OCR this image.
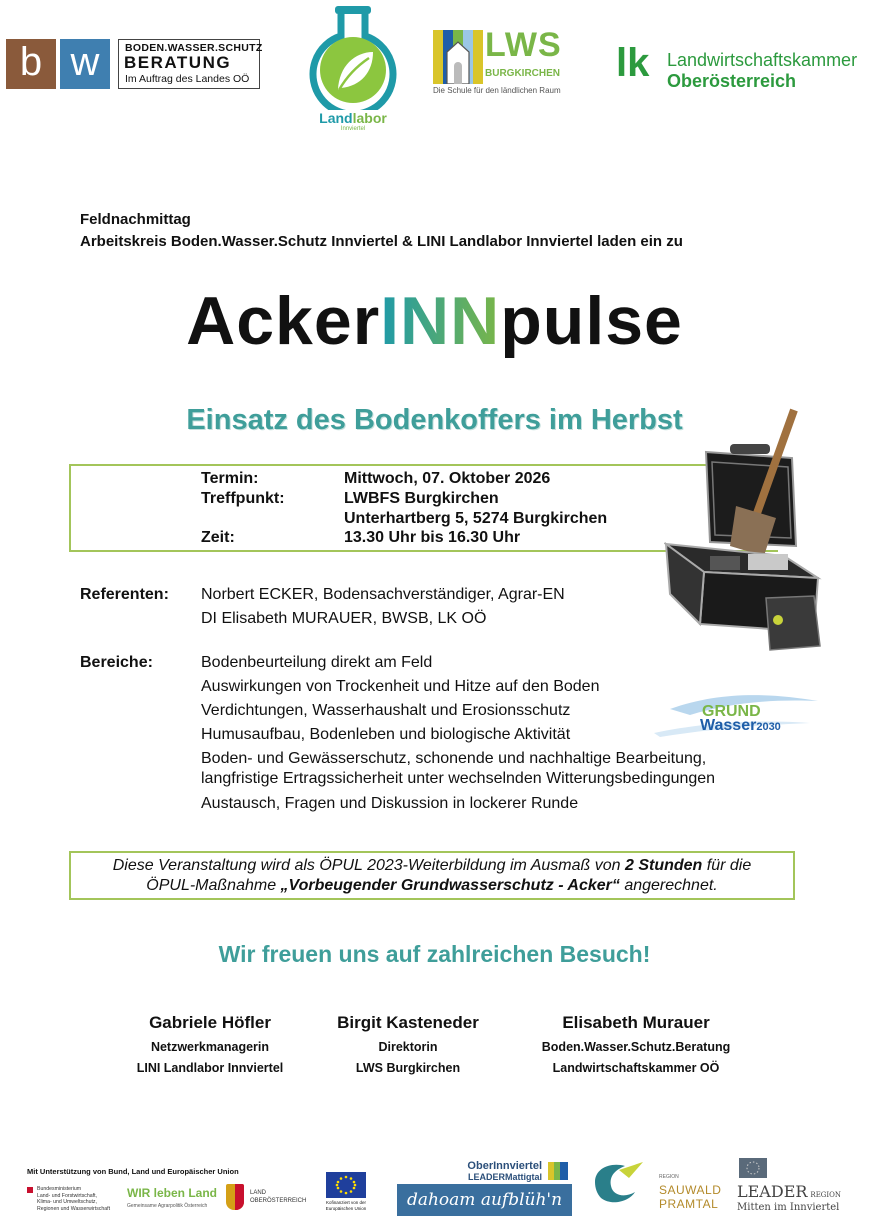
b w	BODEN.WASSER.SCHUTZ
BERATUNG
Im Auftrag des Landes OÖ
Landlabor
Innviertel
LWS
BURGKIRCHEN
Die Schule für den ländlichen Raum
lk Landwirtschaftskammer
Oberösterreich
Feldnachmittag
Arbeitskreis Boden.Wasser.Schutz Innviertel & LINI Landlabor Innviertel laden ein zu
AckerINNpulse
Einsatz des Bodenkoffers im Herbst
Termin:	Mittwoch, 07. Oktober 2026
Treffpunkt:	LWBFS Burgkirchen
Unterhartberg 5, 5274 Burgkirchen
Zeit:	13.30 Uhr bis 16.30 Uhr
Referenten: Norbert ECKER, Bodensachverständiger, Agrar-EN
DI Elisabeth MURAUER, BWSB, LK OÖ
Bereiche:	Bodenbeurteilung direkt am Feld
Auswirkungen von Trockenheit und Hitze auf den Boden
Verdichtungen, Wasserhaushalt und Erosionsschutz
Humusaufbau, Bodenleben und biologische Aktivität
Boden- und Gewässerschutz, schonende und nachhaltige Bearbeitung,
langfristige Ertragssicherheit unter wechselnden Witterungsbedingungen
Austausch, Fragen und Diskussion in lockerer Runde
GRUND
Wasser2030
Diese Veranstaltung wird als ÖPUL 2023-Weiterbildung im Ausmaß von 2 Stunden für die
ÖPUL-Maßnahme „Vorbeugender Grundwasserschutz - Acker“ angerechnet.
Wir freuen uns auf zahlreichen Besuch!
Gabriele Höfler
Netzwerkmanagerin
LINI Landlabor Innviertel
Birgit Kasteneder
Direktorin
LWS Burgkirchen
Elisabeth Murauer
Boden.Wasser.Schutz.Beratung
Landwirtschaftskammer OÖ
Mit Unterstützung von Bund, Land und Europäischer Union
Bundesministerium
Land- und Forstwirtschaft,
Klima- und Umweltschutz,
Regionen und Wasserwirtschaft
WIR leben Land
Gemeinsame Agrarpolitik Österreich
LAND
OBERÖSTERREICH	Kofinanziert von der Europäischen Union
OberInnviertel
LEADERMattigtal
dahoam aufblüh'n
REGION
SAUWALD
PRAMTAL
LEADER REGION
Mitten im Innviertel
